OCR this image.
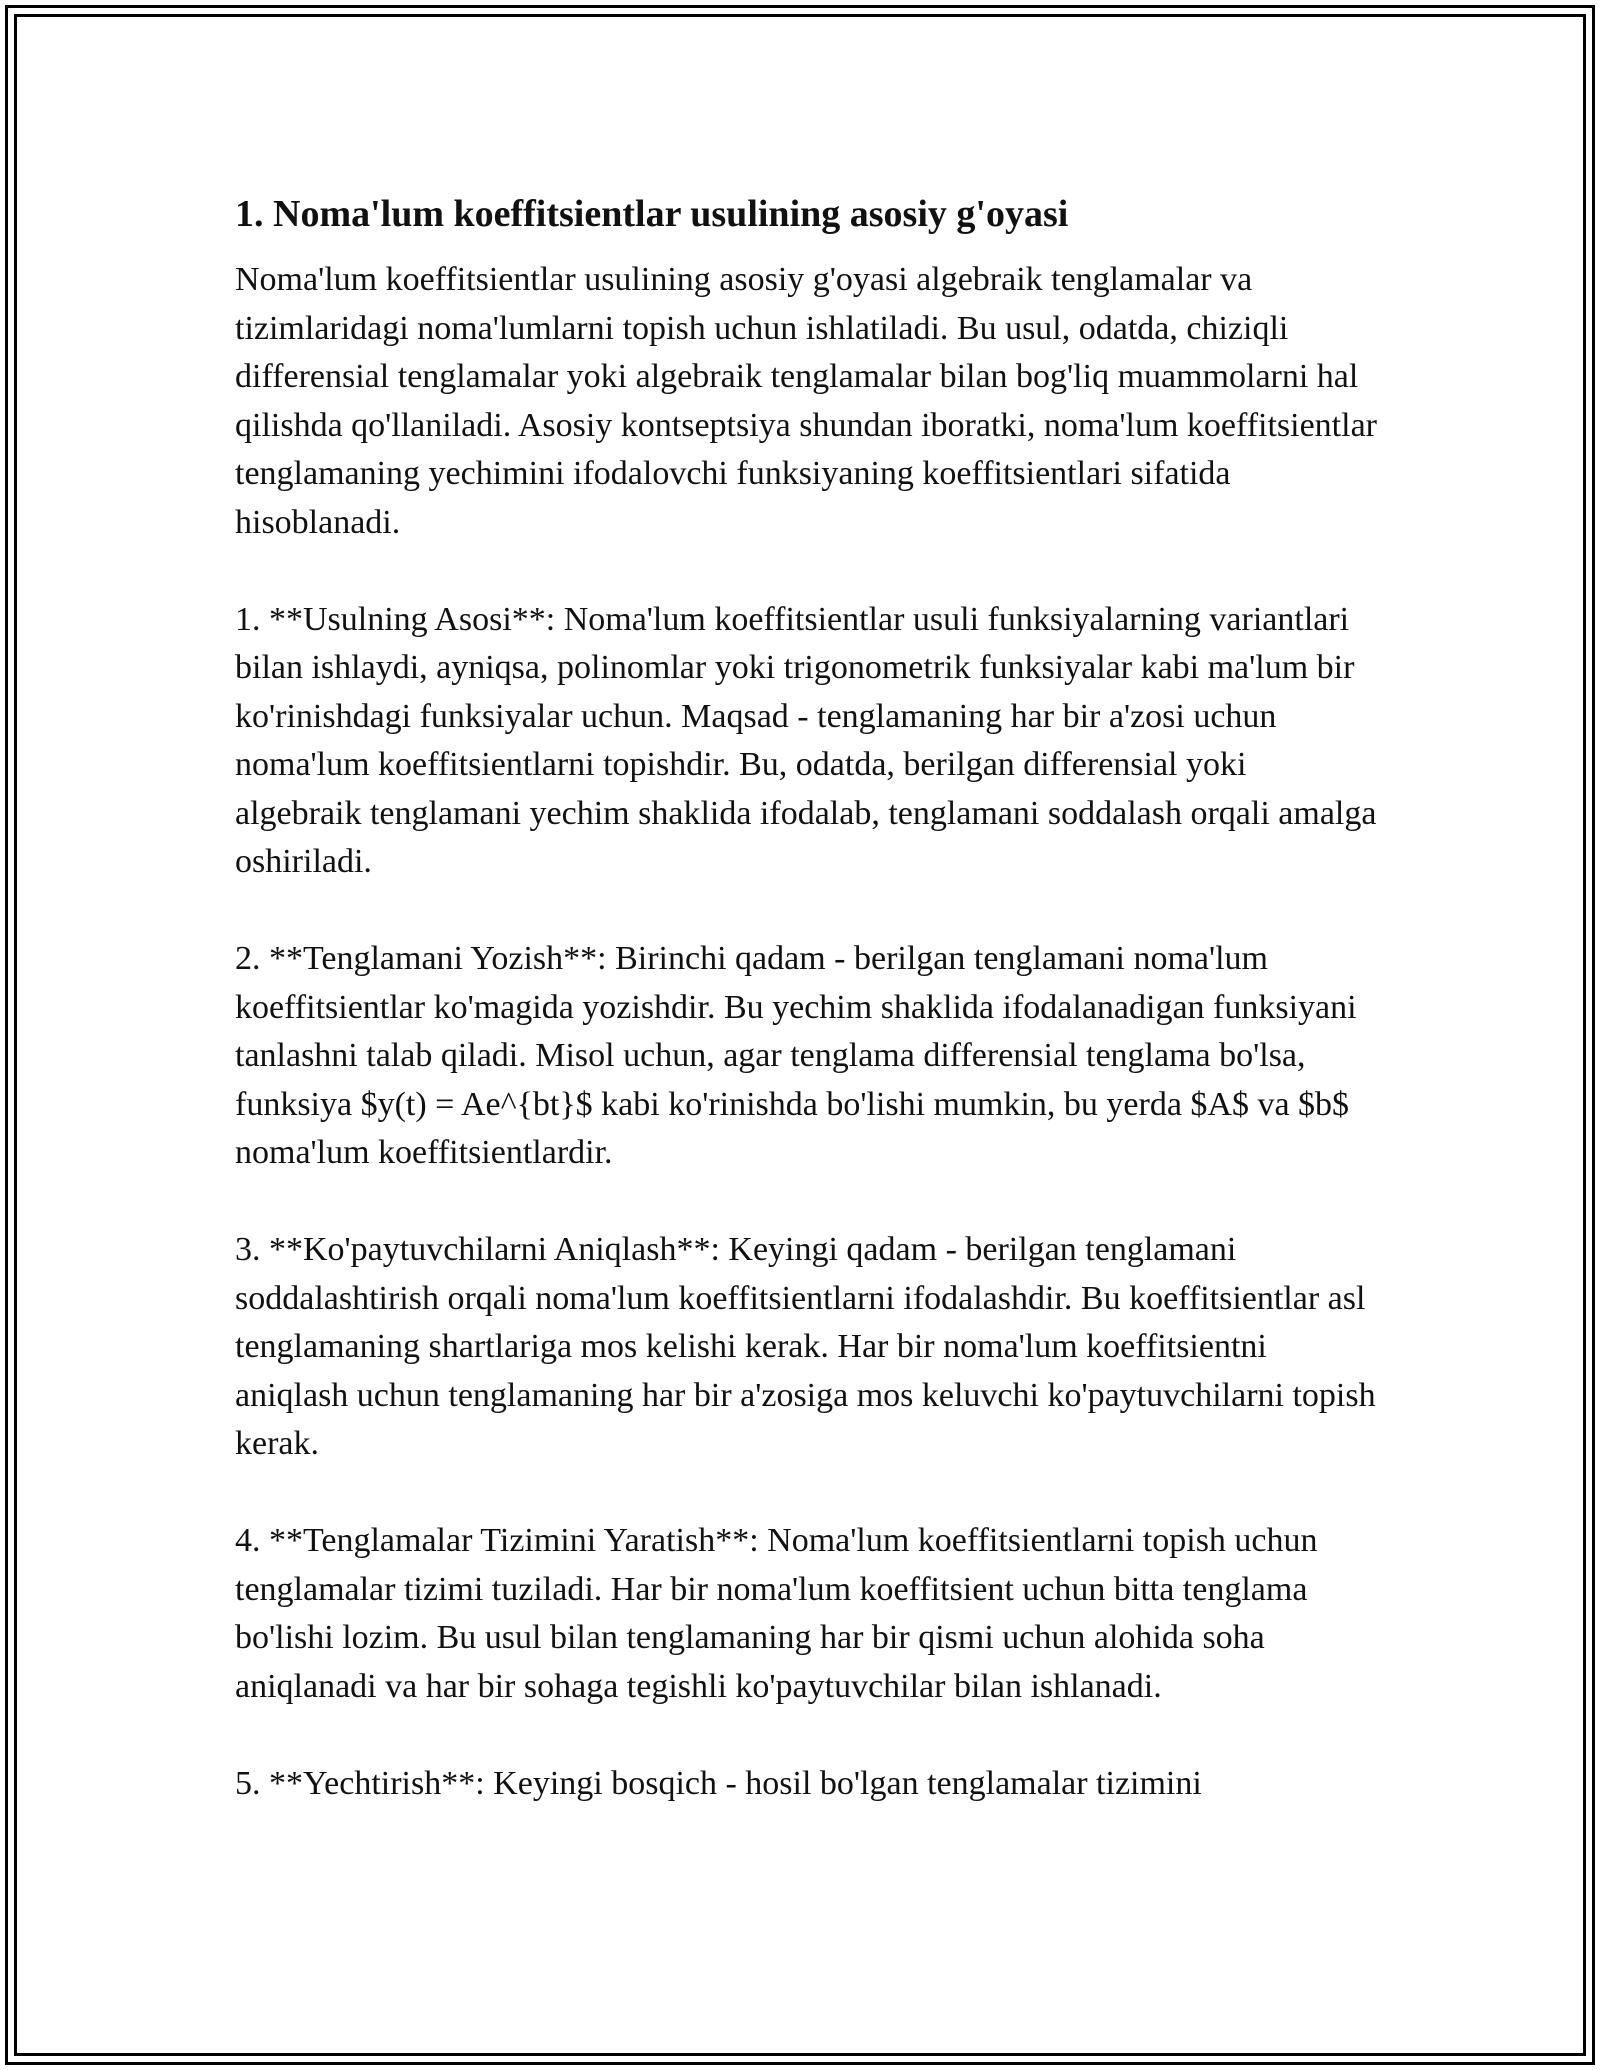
1. Noma'lum koeffitsientlar usulining asosiy g'oyasi

Noma'lum koeffitsientlar usulining asosiy g'oyasi algebraik tenglamalar va tizimlaridagi noma'lumlarni topish uchun ishlatiladi. Bu usul, odatda, chiziqli differensial tenglamalar yoki algebraik tenglamalar bilan bog'liq muammolarni hal qilishda qo'llaniladi. Asosiy kontseptsiya shundan iboratki, noma'lum koeffitsientlar tenglamaning yechimini ifodalovchi funksiyaning koeffitsientlari sifatida hisoblanadi.

1. **Usulning Asosi**: Noma'lum koeffitsientlar usuli funksiyalarning variantlari bilan ishlaydi, ayniqsa, polinomlar yoki trigonometrik funksiyalar kabi ma'lum bir ko'rinishdagi funksiyalar uchun. Maqsad - tenglamaning har bir a'zosi uchun noma'lum koeffitsientlarni topishdir. Bu, odatda, berilgan differensial yoki algebraik tenglamani yechim shaklida ifodalab, tenglamani soddalash orqali amalga oshiriladi.

2. **Tenglamani Yozish**: Birinchi qadam - berilgan tenglamani noma'lum koeffitsientlar ko'magida yozishdir. Bu yechim shaklida ifodalanadigan funksiyani tanlashni talab qiladi. Misol uchun, agar tenglama differensial tenglama bo'lsa, funksiya $y(t) = Ae^{bt}$ kabi ko'rinishda bo'lishi mumkin, bu yerda $A$ va $b$ noma'lum koeffitsientlardir.

3. **Ko'paytuvchilarni Aniqlash**: Keyingi qadam - berilgan tenglamani soddalashtirish orqali noma'lum koeffitsientlarni ifodalashdir. Bu koeffitsientlar asl tenglamaning shartlariga mos kelishi kerak. Har bir noma'lum koeffitsientni aniqlash uchun tenglamaning har bir a'zosiga mos keluvchi ko'paytuvchilarni topish kerak.

4. **Tenglamalar Tizimini Yaratish**: Noma'lum koeffitsientlarni topish uchun tenglamalar tizimi tuziladi. Har bir noma'lum koeffitsient uchun bitta tenglama bo'lishi lozim. Bu usul bilan tenglamaning har bir qismi uchun alohida soha aniqlanadi va har bir sohaga tegishli ko'paytuvchilar bilan ishlanadi.

5. **Yechtirish**: Keyingi bosqich - hosil bo'lgan tenglamalar tizimini
